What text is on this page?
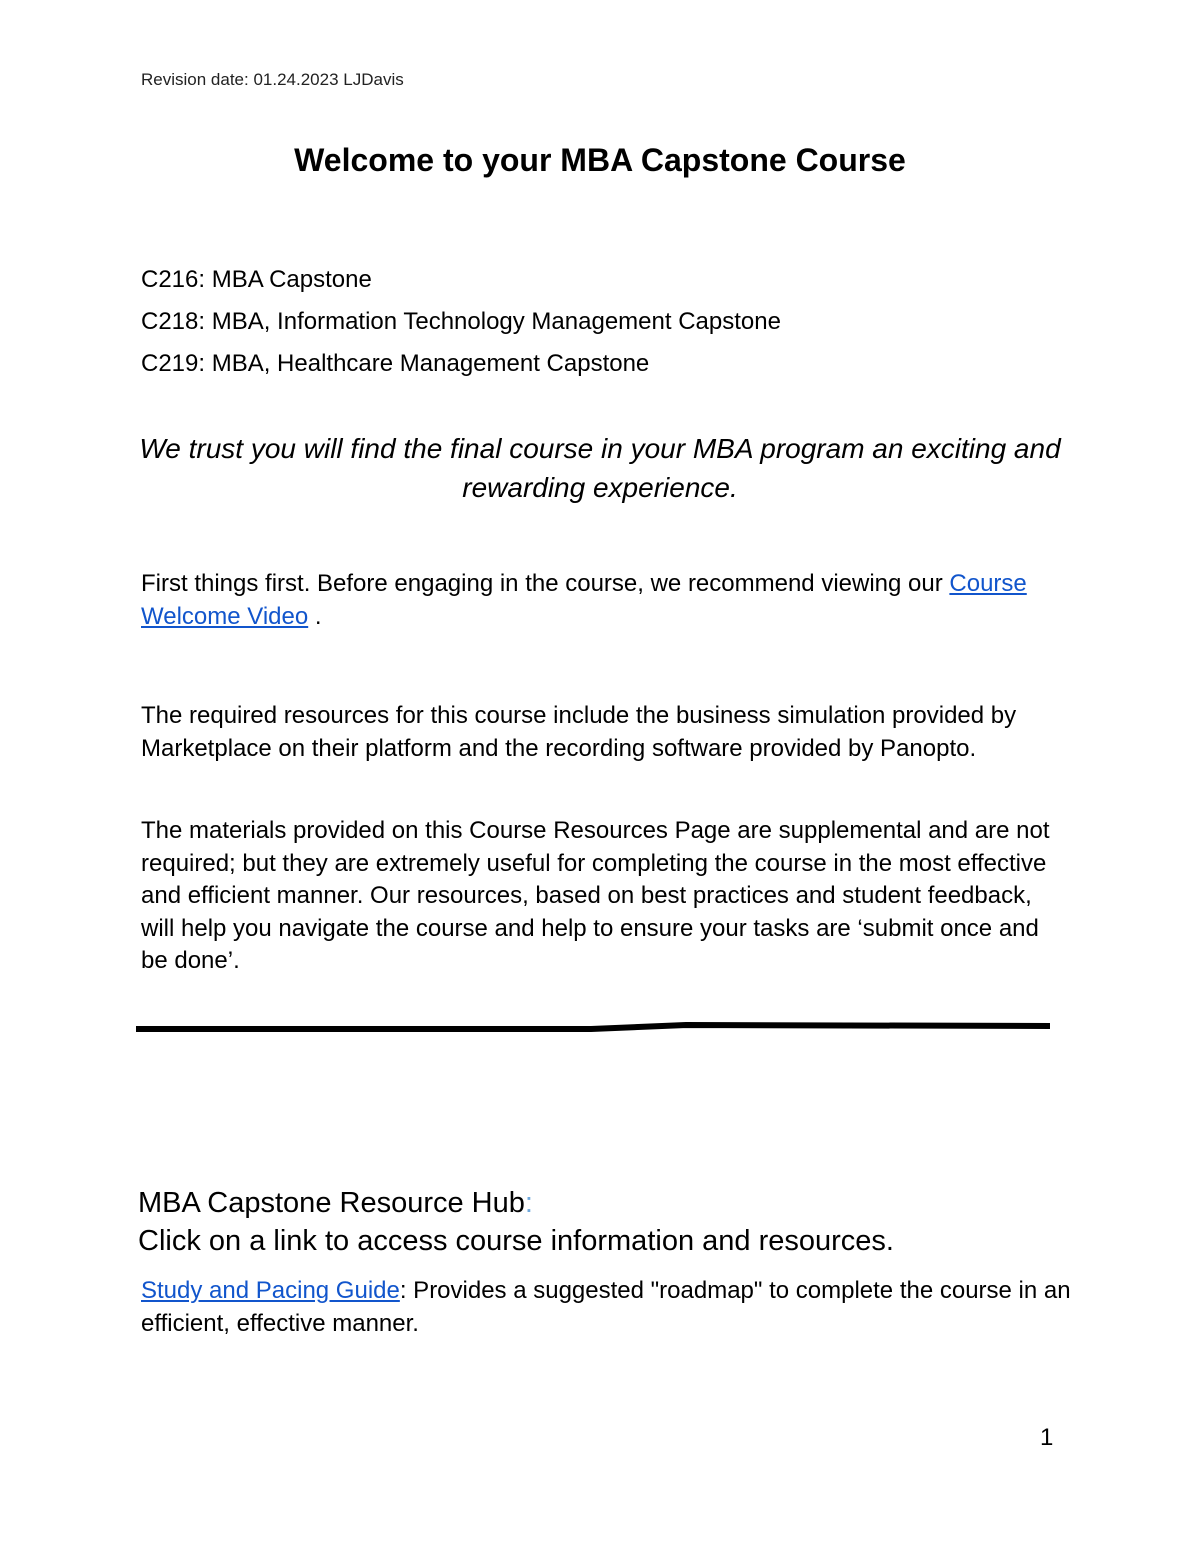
Revision date: 01.24.2023 LJDavis
Welcome to your MBA Capstone Course
C216: MBA Capstone
C218: MBA, Information Technology Management Capstone
C219: MBA, Healthcare Management Capstone
We trust you will find the final course in your MBA program an exciting and rewarding experience.

First things first. Before engaging in the course, we recommend viewing our Course Welcome Video .

The required resources for this course include the business simulation provided by Marketplace on their platform and the recording software provided by Panopto.

The materials provided on this Course Resources Page are supplemental and are not required; but they are extremely useful for completing the course in the most effective and efficient manner. Our resources, based on best practices and student feedback, will help you navigate the course and help to ensure your tasks are ‘submit once and be done’.

MBA Capstone Resource Hub:
Click on a link to access course information and resources.

Study and Pacing Guide: Provides a suggested "roadmap" to complete the course in an efficient, effective manner.

1
